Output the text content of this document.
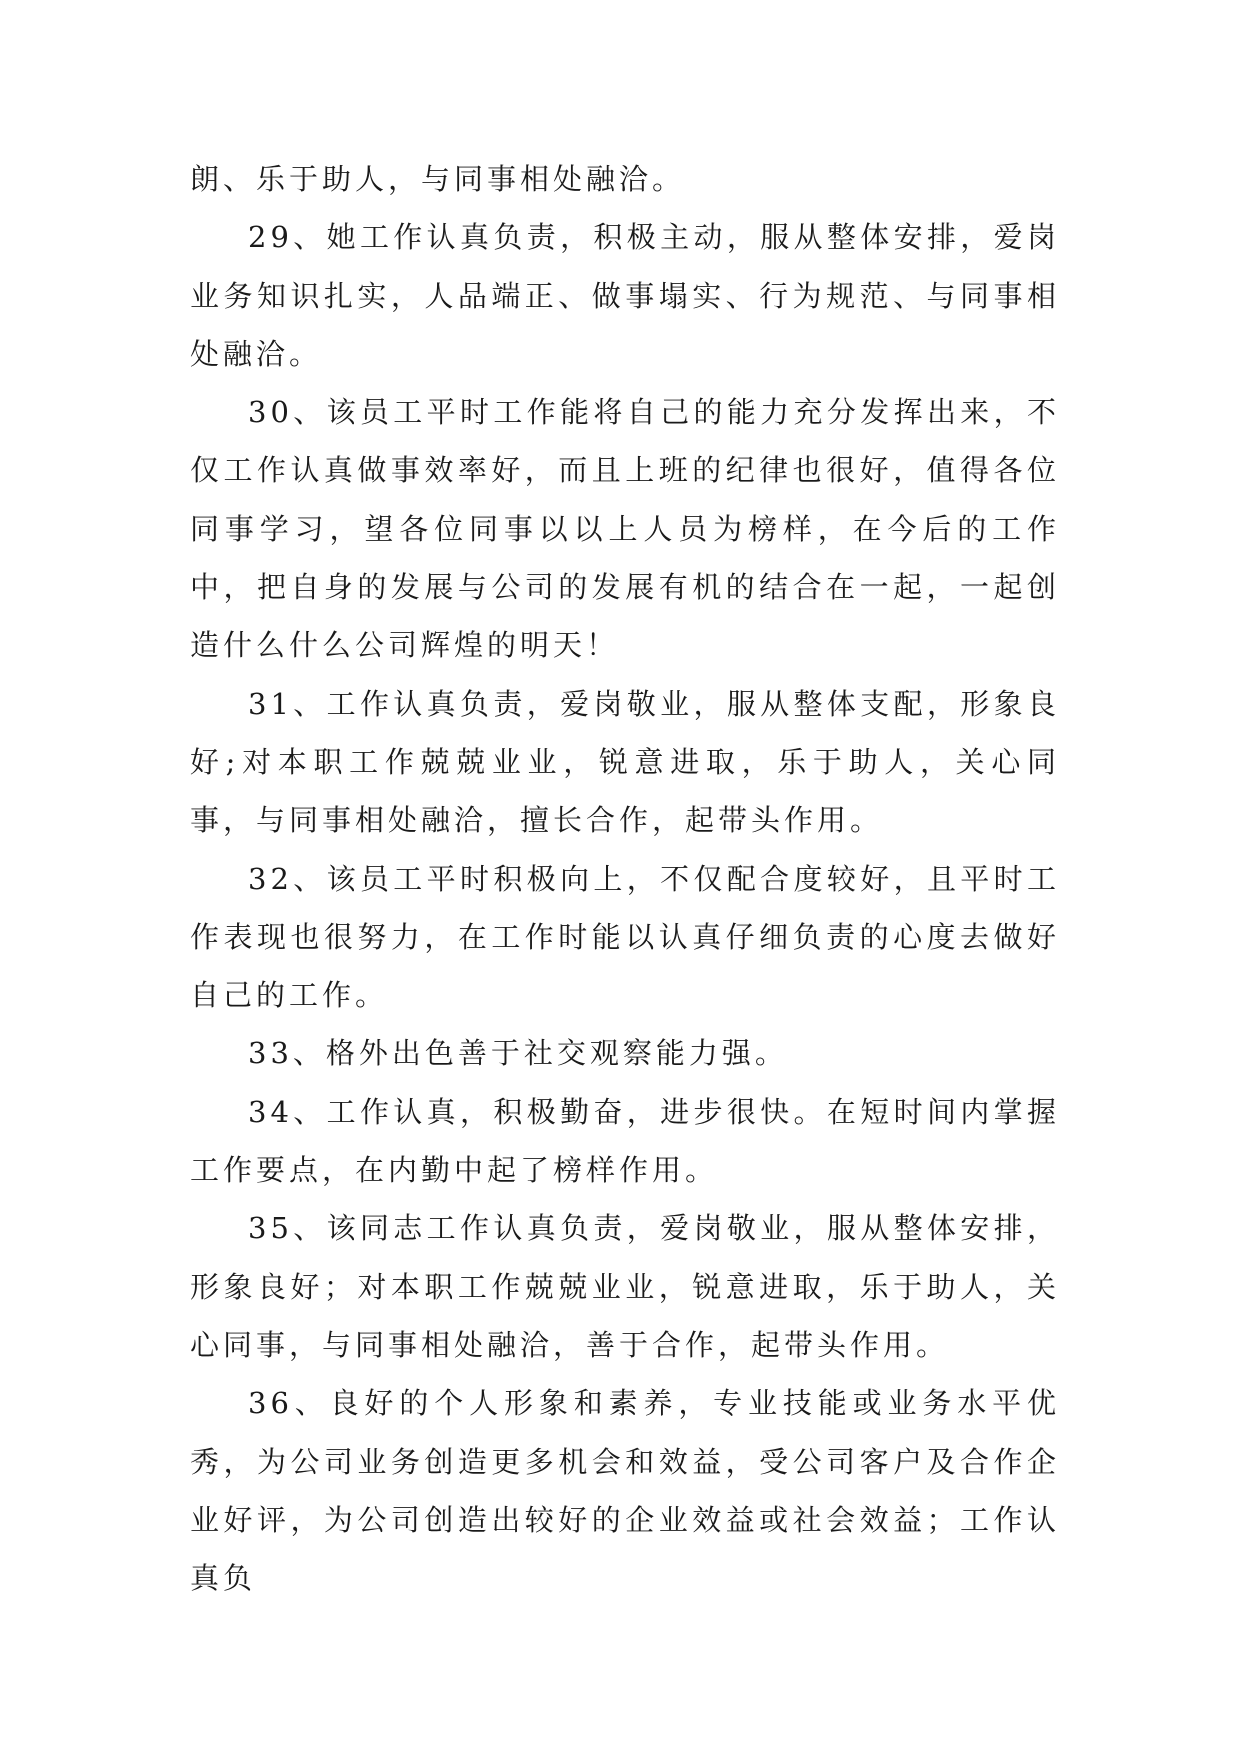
朗、乐于助人，与同事相处融洽。

29、她工作认真负责，积极主动，服从整体安排，爱岗业务知识扎实，人品端正、做事塌实、行为规范、与同事相处融洽。

30、该员工平时工作能将自己的能力充分发挥出来，不仅工作认真做事效率好，而且上班的纪律也很好，值得各位同事学习，望各位同事以以上人员为榜样，在今后的工作中，把自身的发展与公司的发展有机的结合在一起，一起创造什么什么公司辉煌的明天！

31、工作认真负责，爱岗敬业，服从整体支配，形象良好;对本职工作兢兢业业，锐意进取，乐于助人，关心同事，与同事相处融洽，擅长合作，起带头作用。

32、该员工平时积极向上，不仅配合度较好，且平时工作表现也很努力，在工作时能以认真仔细负责的心度去做好自己的工作。

33、格外出色善于社交观察能力强。

34、工作认真，积极勤奋，进步很快。在短时间内掌握工作要点，在内勤中起了榜样作用。

35、该同志工作认真负责，爱岗敬业，服从整体安排，形象良好；对本职工作兢兢业业，锐意进取，乐于助人，关心同事，与同事相处融洽，善于合作，起带头作用。

36、良好的个人形象和素养，专业技能或业务水平优秀，为公司业务创造更多机会和效益，受公司客户及合作企业好评，为公司创造出较好的企业效益或社会效益；工作认真负
